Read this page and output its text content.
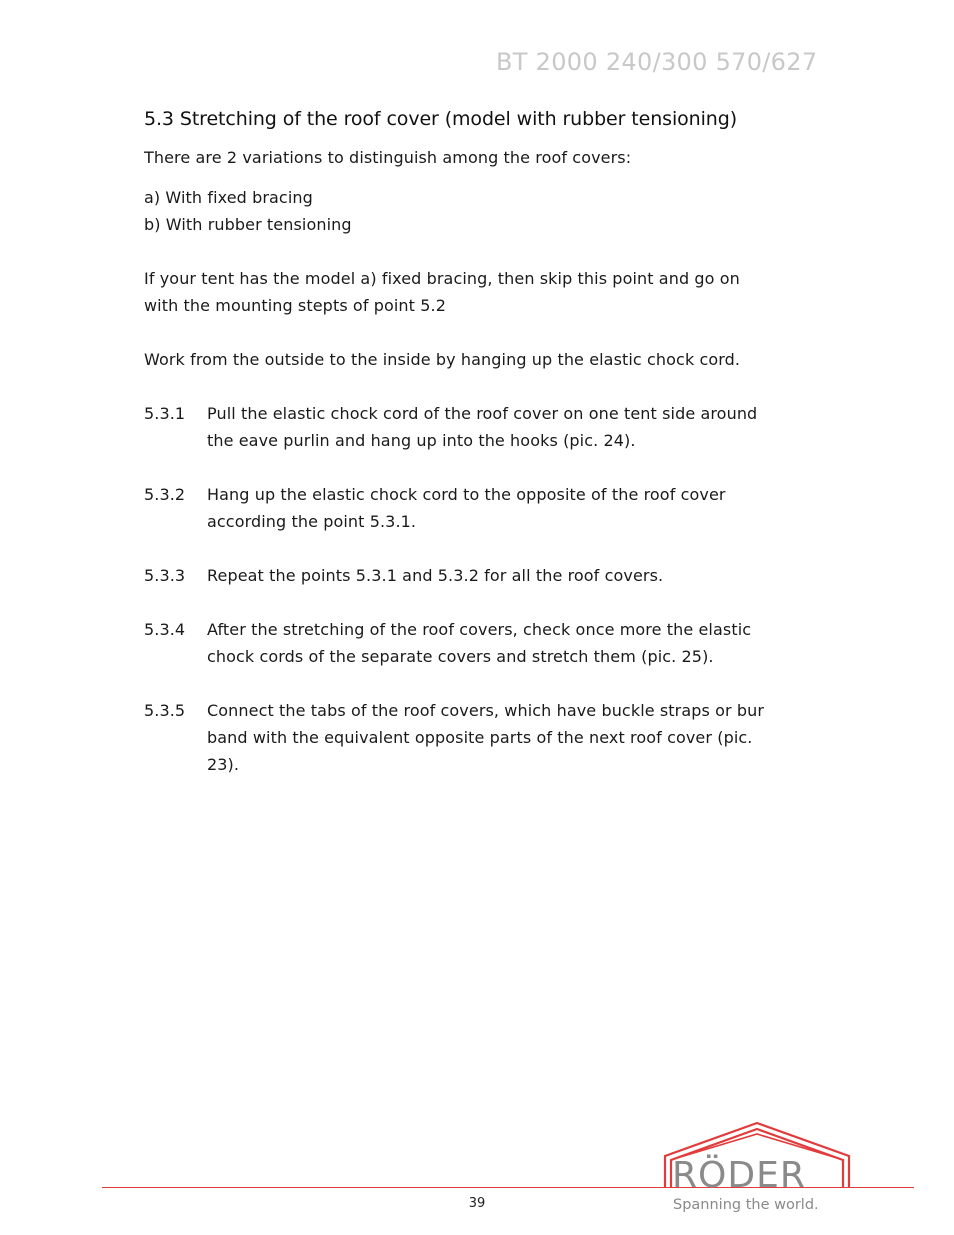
BT 2000 240/300 570/627
5.3 Stretching of the roof cover (model with rubber tensioning)

There are 2 variations to distinguish among the roof covers:

a) With fixed bracing

b) With rubber tensioning

If your tent has the model a) fixed bracing, then skip this point and go on

with the mounting stepts of point 5.2

Work from the outside to the inside by hanging up the elastic chock cord.

5.3.1	Pull the elastic chock cord of the roof cover on one tent side around
the eave purlin and hang up into the hooks (pic. 24).
5.3.2	Hang up the elastic chock cord to the opposite of the roof cover
according the point 5.3.1.
5.3.3	Repeat the points 5.3.1 and 5.3.2 for all the roof covers.
5.3.4	After the stretching of the roof covers, check once more the elastic
chock cords of the separate covers and stretch them (pic. 25).
5.3.5	Connect the tabs of the roof covers, which have buckle straps or bur
band with the equivalent opposite parts of the next roof cover (pic.
23).
39
RÖDER
Spanning the world.
